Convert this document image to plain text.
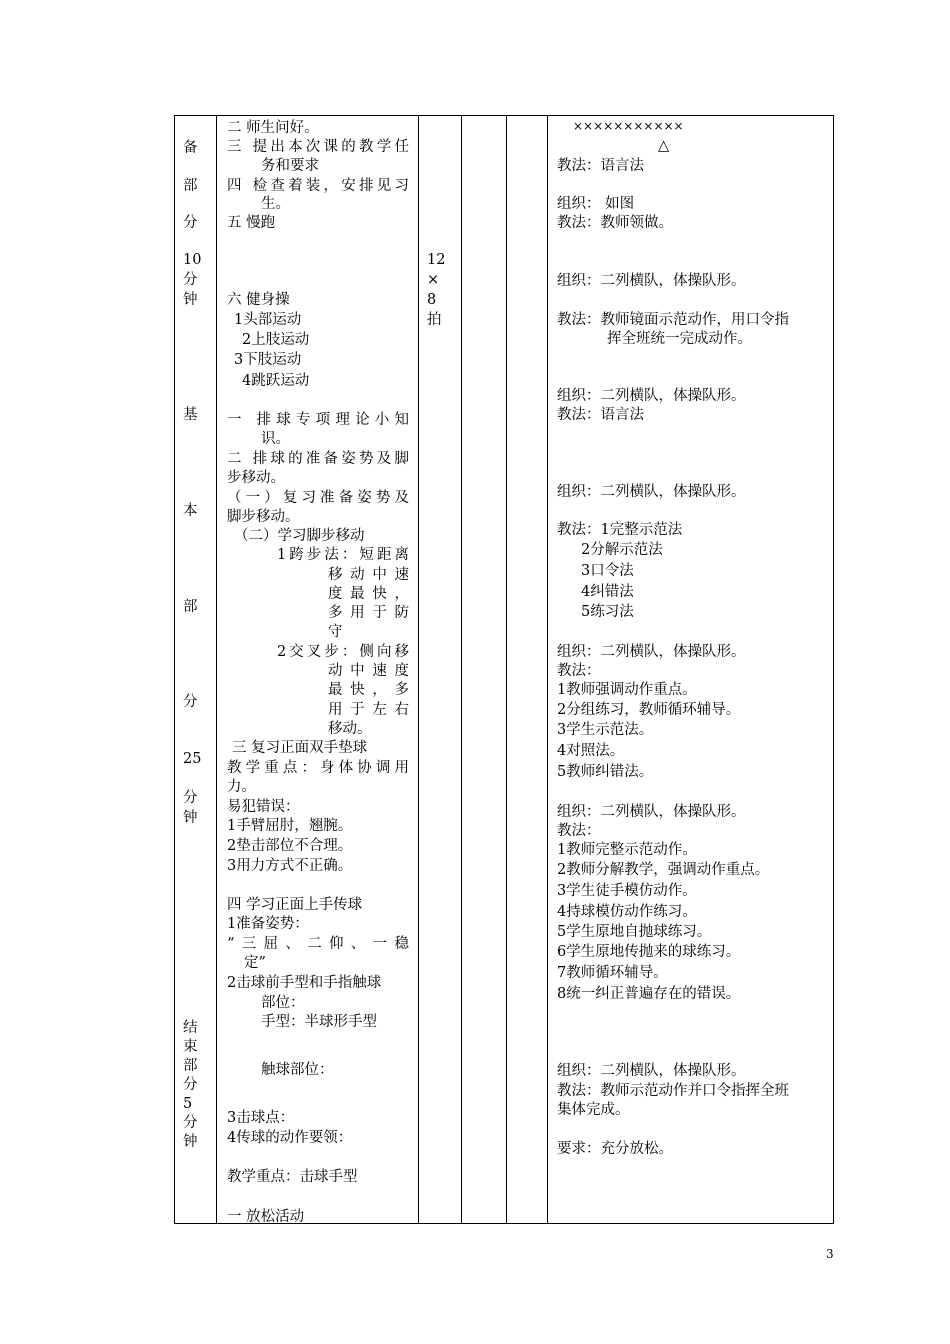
备
部
分
10
分
钟
基
本
部
分
25
分
钟
结
束
部
分
5
分
钟
二 师生问好。
三 提出本次课的教学任
务和要求
四 检查着装，安排见习
生。
五 慢跑
六 健身操
1头部运动
2上肢运动
3下肢运动
4跳跃运动
一 排球专项理论小知
识。
二 排球的准备姿势及脚
步移动。
（一）复习准备姿势及
脚步移动。
（二）学习脚步移动
1跨步法：短距离
移动中速
度最快，
多用于防
守
2交叉步：侧向移
动中速度
最快，多
用于左右
移动。
三 复习正面双手垫球
教学重点：身体协调用
力。
易犯错误：
1手臂屈肘，翘腕。
2垫击部位不合理。
3用力方式不正确。
四 学习正面上手传球
1准备姿势：
“三屈、二仰、一稳
定”
2击球前手型和手指触球
部位：
手型：半球形手型
触球部位：
3击球点：
4传球的动作要领：
教学重点：击球手型
一 放松活动
12
×
8
拍
×××××××××××
△
教法：语言法
组织： 如图
教法：教师领做。
组织：二列横队，体操队形。
教法：教师镜面示范动作，用口令指
挥全班统一完成动作。
组织：二列横队，体操队形。
教法：语言法
组织：二列横队，体操队形。
教法：1完整示范法
2分解示范法
3口令法
4纠错法
5练习法
组织：二列横队，体操队形。
教法：
1教师强调动作重点。
2分组练习，教师循环辅导。
3学生示范法。
4对照法。
5教师纠错法。
组织：二列横队，体操队形。
教法：
1教师完整示范动作。
2教师分解教学，强调动作重点。
3学生徒手模仿动作。
4持球模仿动作练习。
5学生原地自抛球练习。
6学生原地传抛来的球练习。
7教师循环辅导。
8统一纠正普遍存在的错误。
组织：二列横队，体操队形。
教法：教师示范动作并口令指挥全班
集体完成。
要求：充分放松。
3
